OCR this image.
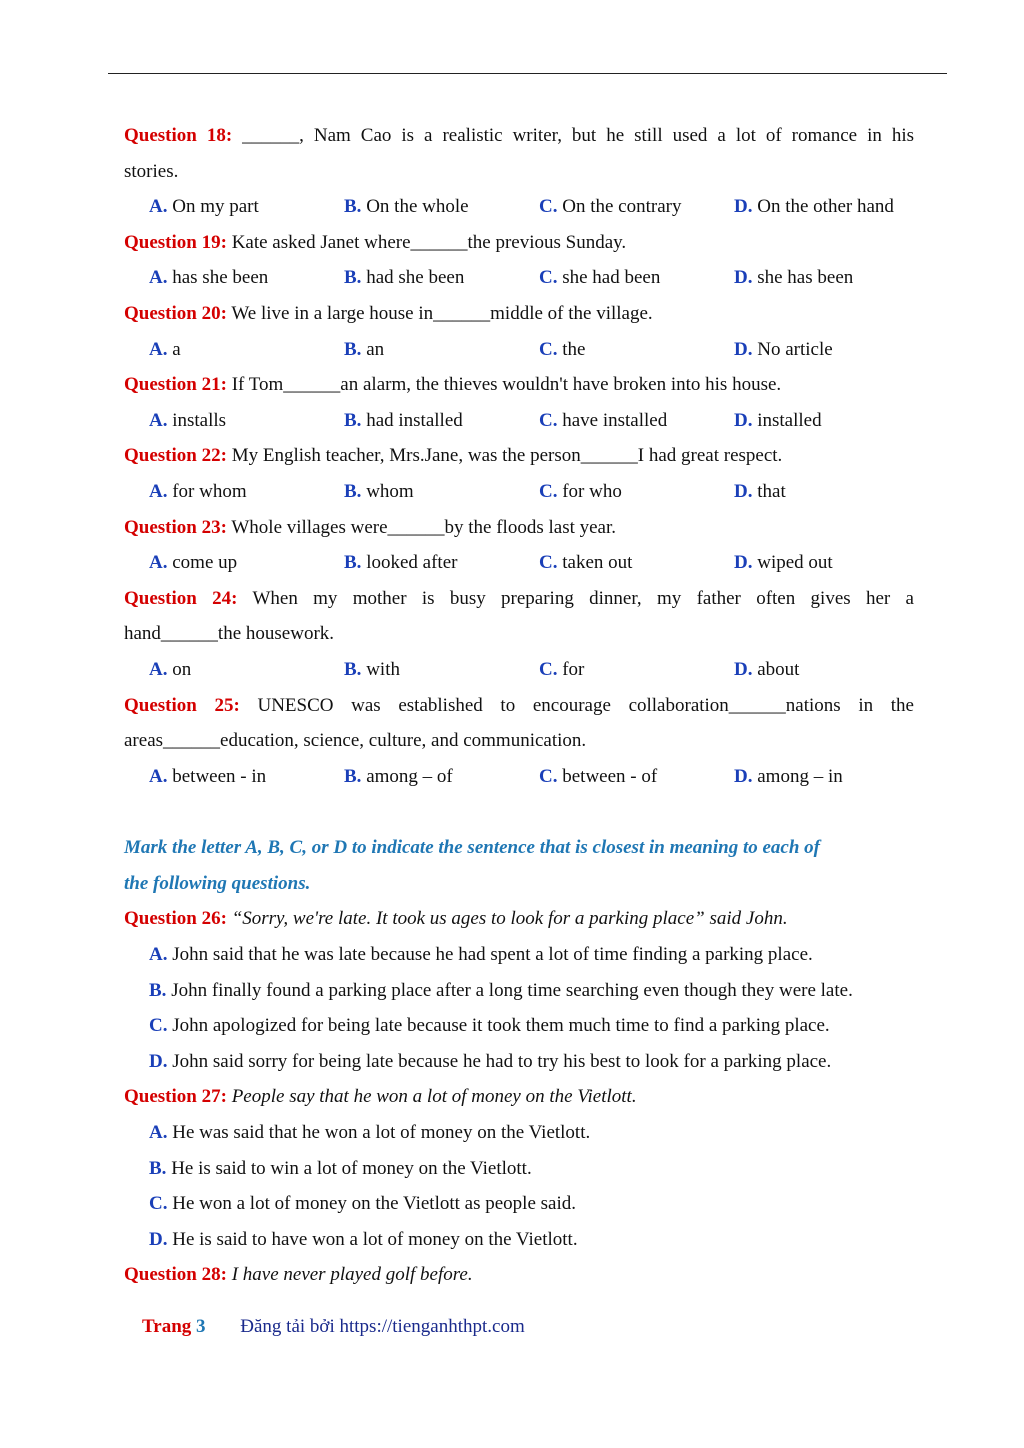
Question 18: ______, Nam Cao is a realistic writer, but he still used a lot of romance in his
stories.
A. On my part	B. On the whole	C. On the contrary	D. On the other hand
Question 19: Kate asked Janet where______the previous Sunday.
A. has she been	B. had she been	C. she had been	D. she has been
Question 20: We live in a large house in______middle of the village.
A. a	B. an	C. the	D. No article
Question 21: If Tom______an alarm, the thieves wouldn't have broken into his house.
A. installs	B. had installed	C. have installed	D. installed
Question 22: My English teacher, Mrs.Jane, was the person______I had great respect.
A. for whom	B. whom	C. for who	D. that
Question 23: Whole villages were______by the floods last year.
A. come up	B. looked after	C. taken out	D. wiped out
Question 24: When my mother is busy preparing dinner, my father often gives her a
hand______the housework.
A. on	B. with	C. for	D. about
Question 25: UNESCO was established to encourage collaboration______nations in the
areas______education, science, culture, and communication.
A. between - in	B. among – of	C. between - of	D. among – in
Mark the letter A, B, C, or D to indicate the sentence that is closest in meaning to each of
the following questions.
Question 26: “Sorry, we're late. It took us ages to look for a parking place” said John.
A. John said that he was late because he had spent a lot of time finding a parking place.
B. John finally found a parking place after a long time searching even though they were late.
C. John apologized for being late because it took them much time to find a parking place.
D. John said sorry for being late because he had to try his best to look for a parking place.
Question 27: People say that he won a lot of money on the Vietlott.
A. He was said that he won a lot of money on the Vietlott.
B. He is said to win a lot of money on the Vietlott.
C. He won a lot of money on the Vietlott as people said.
D. He is said to have won a lot of money on the Vietlott.
Question 28: I have never played golf before.
Trang 3 Đăng tải bởi https://tienganhthpt.com
